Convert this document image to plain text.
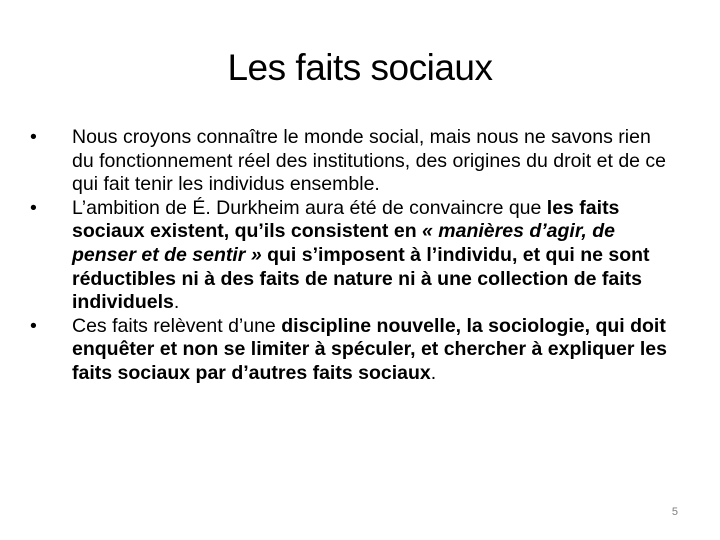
Les faits sociaux
•	Nous croyons connaître le monde social, mais nous ne savons rien du fonctionnement réel des institutions, des origines du droit et de ce qui fait tenir les individus ensemble.
•	L’ambition de É. Durkheim aura été de convaincre que les faits sociaux existent, qu’ils consistent en « manières d’agir, de penser et de sentir » qui s’imposent à l’individu, et qui ne sont réductibles ni à des faits de nature ni à une collection de faits individuels.
•	Ces faits relèvent d’une discipline nouvelle, la sociologie, qui doit enquêter et non se limiter à spéculer, et chercher à expliquer les faits sociaux par d’autres faits sociaux.
5
